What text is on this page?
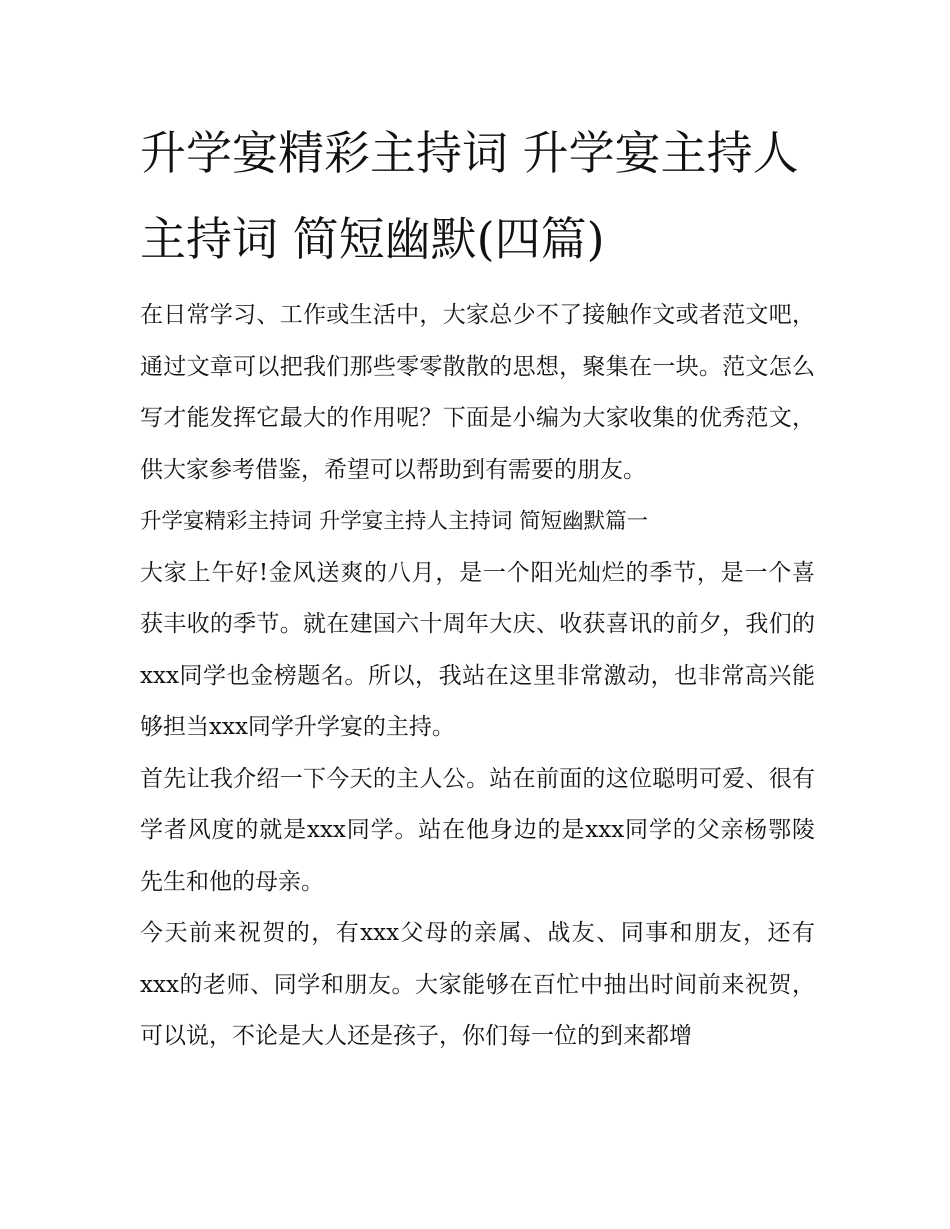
升学宴精彩主持词 升学宴主持人主持词 简短幽默(四篇)

在日常学习、工作或生活中，大家总少不了接触作文或者范文吧，通过文章可以把我们那些零零散散的思想，聚集在一块。范文怎么写才能发挥它最大的作用呢？下面是小编为大家收集的优秀范文，供大家参考借鉴，希望可以帮助到有需要的朋友。

升学宴精彩主持词 升学宴主持人主持词 简短幽默篇一

大家上午好!金风送爽的八月，是一个阳光灿烂的季节，是一个喜获丰收的季节。就在建国六十周年大庆、收获喜讯的前夕，我们的xxx同学也金榜题名。所以，我站在这里非常激动，也非常高兴能够担当xxx同学升学宴的主持。

首先让我介绍一下今天的主人公。站在前面的这位聪明可爱、很有学者风度的就是xxx同学。站在他身边的是xxx同学的父亲杨鄂陵先生和他的母亲。

今天前来祝贺的，有xxx父母的亲属、战友、同事和朋友，还有xxx的老师、同学和朋友。大家能够在百忙中抽出时间前来祝贺，可以说，不论是大人还是孩子，你们每一位的到来都增
